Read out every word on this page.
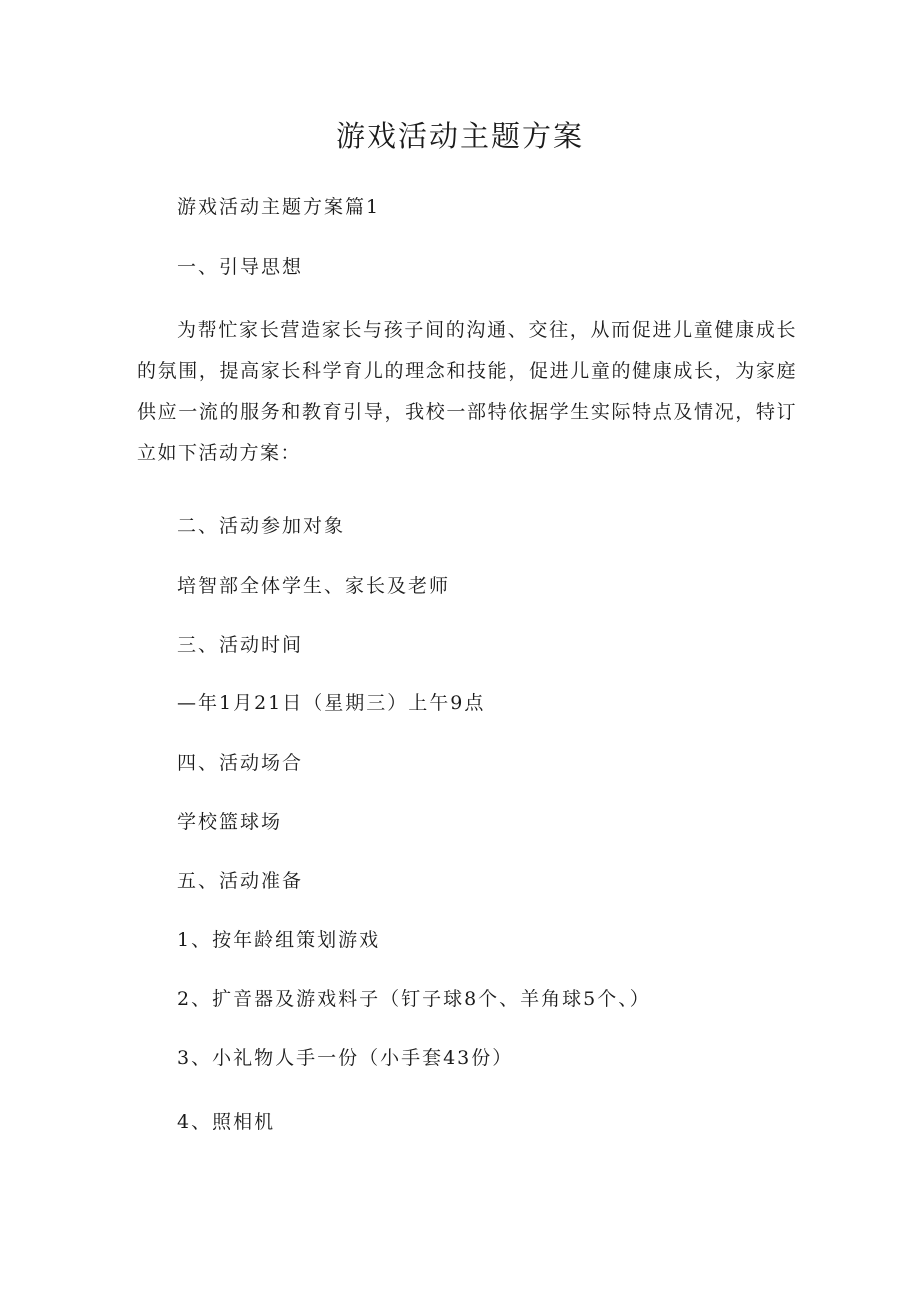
游戏活动主题方案
游戏活动主题方案篇1
一、引导思想
为帮忙家长营造家长与孩子间的沟通、交往，从而促进儿童健康成长的氛围，提高家长科学育儿的理念和技能，促进儿童的健康成长，为家庭供应一流的服务和教育引导，我校一部特依据学生实际特点及情况，特订立如下活动方案：
二、活动参加对象
培智部全体学生、家长及老师
三、活动时间
—年1月21日（星期三）上午9点
四、活动场合
学校篮球场
五、活动准备
1、按年龄组策划游戏
2、扩音器及游戏料子（钉子球8个、羊角球5个、）
3、小礼物人手一份（小手套43份）
4、照相机
